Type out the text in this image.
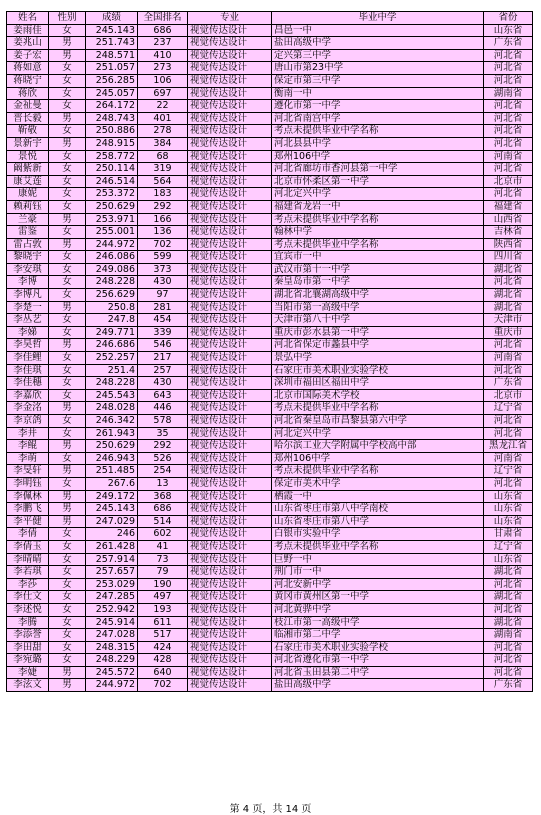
姓名	性别	成绩	全国排名	专业	毕业中学	省份
姜雨佳	女	245.143	686	视觉传达设计	昌邑一中	山东省
姜兆山	男	251.743	237	视觉传达设计	盐田高级中学	广东省
姜子宏	男	248.571	410	视觉传达设计	定兴第三中学	河北省
蒋如意	女	251.057	273	视觉传达设计	唐山市第23中学	河北省
蒋晓宁	女	256.285	106	视觉传达设计	保定市第三中学	河北省
蒋欣	女	245.057	697	视觉传达设计	衡南一中	湖南省
金祉曼	女	264.172	22	视觉传达设计	遵化市第一中学	河北省
晋长毅	男	248.743	401	视觉传达设计	河北省南宫中学	河北省
靳敬	女	250.886	278	视觉传达设计	考点未提供毕业中学名称	河北省
景新宇	男	248.915	384	视觉传达设计	河北县县中学	河北省
景悦	女	258.772	68	视觉传达设计	郑州106中学	河南省
阚紫新	女	250.114	319	视觉传达设计	河北省廊坊市香河县第一中学	河北省
康艾莲	女	246.514	564	视觉传达设计	北京市怀柔区第一中学	北京市
康妮	女	253.372	183	视觉传达设计	河北定兴中学	河北省
赖莉钰	女	250.629	292	视觉传达设计	福建省龙岩一中	福建省
兰豪	男	253.971	166	视觉传达设计	考点未提供毕业中学名称	山西省
雷鉴	女	255.001	136	视觉传达设计	翰林中学	吉林省
雷占敦	男	244.972	702	视觉传达设计	考点未提供毕业中学名称	陕西省
黎晓宇	女	246.086	599	视觉传达设计	宜宾市一中	四川省
李安琪	女	249.086	373	视觉传达设计	武汉市第十一中学	湖北省
李博	女	248.228	430	视觉传达设计	秦皇岛市第一中学	河北省
李博凡	女	256.629	97	视觉传达设计	湖北省北襄湖高级中学	湖北省
李楚一	男	250.8	281	视觉传达设计	当阳市第一高级中学	湖北省
李丛艺	女	247.8	454	视觉传达设计	天津市第八十中学	天津市
李娣	女	249.771	339	视觉传达设计	重庆市彭水县第一中学	重庆市
李昊哲	男	246.686	546	视觉传达设计	河北省保定市蠡县中学	河北省
李佳鲤	女	252.257	217	视觉传达设计	景弘中学	河南省
李佳琪	女	251.4	257	视觉传达设计	石家庄市美术职业实验学校	河北省
李佳穗	女	248.228	430	视觉传达设计	深圳市福田区福田中学	广东省
李嘉欣	女	245.543	643	视觉传达设计	北京市国际美术学校	北京市
李金洺	男	248.028	446	视觉传达设计	考点未提供毕业中学名称	辽宁省
李京鸽	女	246.342	578	视觉传达设计	河北省秦皇岛市昌黎县第六中学	河北省
李井	女	261.943	35	视觉传达设计	河北定兴中学	河北省
李鲲	男	250.629	292	视觉传达设计	哈尔滨工业大学附属中学校高中部	黑龙江省
李萌	女	246.943	526	视觉传达设计	郑州106中学	河南省
李旻轩	男	251.485	254	视觉传达设计	考点未提供毕业中学名称	辽宁省
李明钰	女	267.6	13	视觉传达设计	保定市美术中学	河北省
李佩林	男	249.172	368	视觉传达设计	栖霞一中	山东省
李鹏飞	男	245.143	686	视觉传达设计	山东省枣庄市第八中学南校	山东省
李平健	男	247.029	514	视觉传达设计	山东省枣庄市第八中学	山东省
李倩	女	246	602	视觉传达设计	白银市实验中学	甘肃省
李倩玉	女	261.428	41	视觉传达设计	考点未提供毕业中学名称	辽宁省
李晴晴	女	257.914	73	视觉传达设计	巨野一中	山东省
李若琪	女	257.657	79	视觉传达设计	荆门市一中	湖北省
李莎	女	253.029	190	视觉传达设计	河北安新中学	河北省
李仕文	女	247.285	497	视觉传达设计	黄冈市黄州区第一中学	湖北省
李述悦	女	252.942	193	视觉传达设计	河北黄骅中学	河北省
李腾	女	245.914	611	视觉传达设计	枝江市第一高级中学	湖北省
李添誉	女	247.028	517	视觉传达设计	临湘市第二中学	湖南省
李田甜	女	248.315	424	视觉传达设计	石家庄市美术职业实验学校	河北省
李宛璐	女	248.229	428	视觉传达设计	河北省遵化市第一中学	河北省
李婕	男	245.572	640	视觉传达设计	河北省玉田县第二中学	河北省
李泫文	男	244.972	702	视觉传达设计	盐田高级中学	广东省
第 4 页，共 14 页
